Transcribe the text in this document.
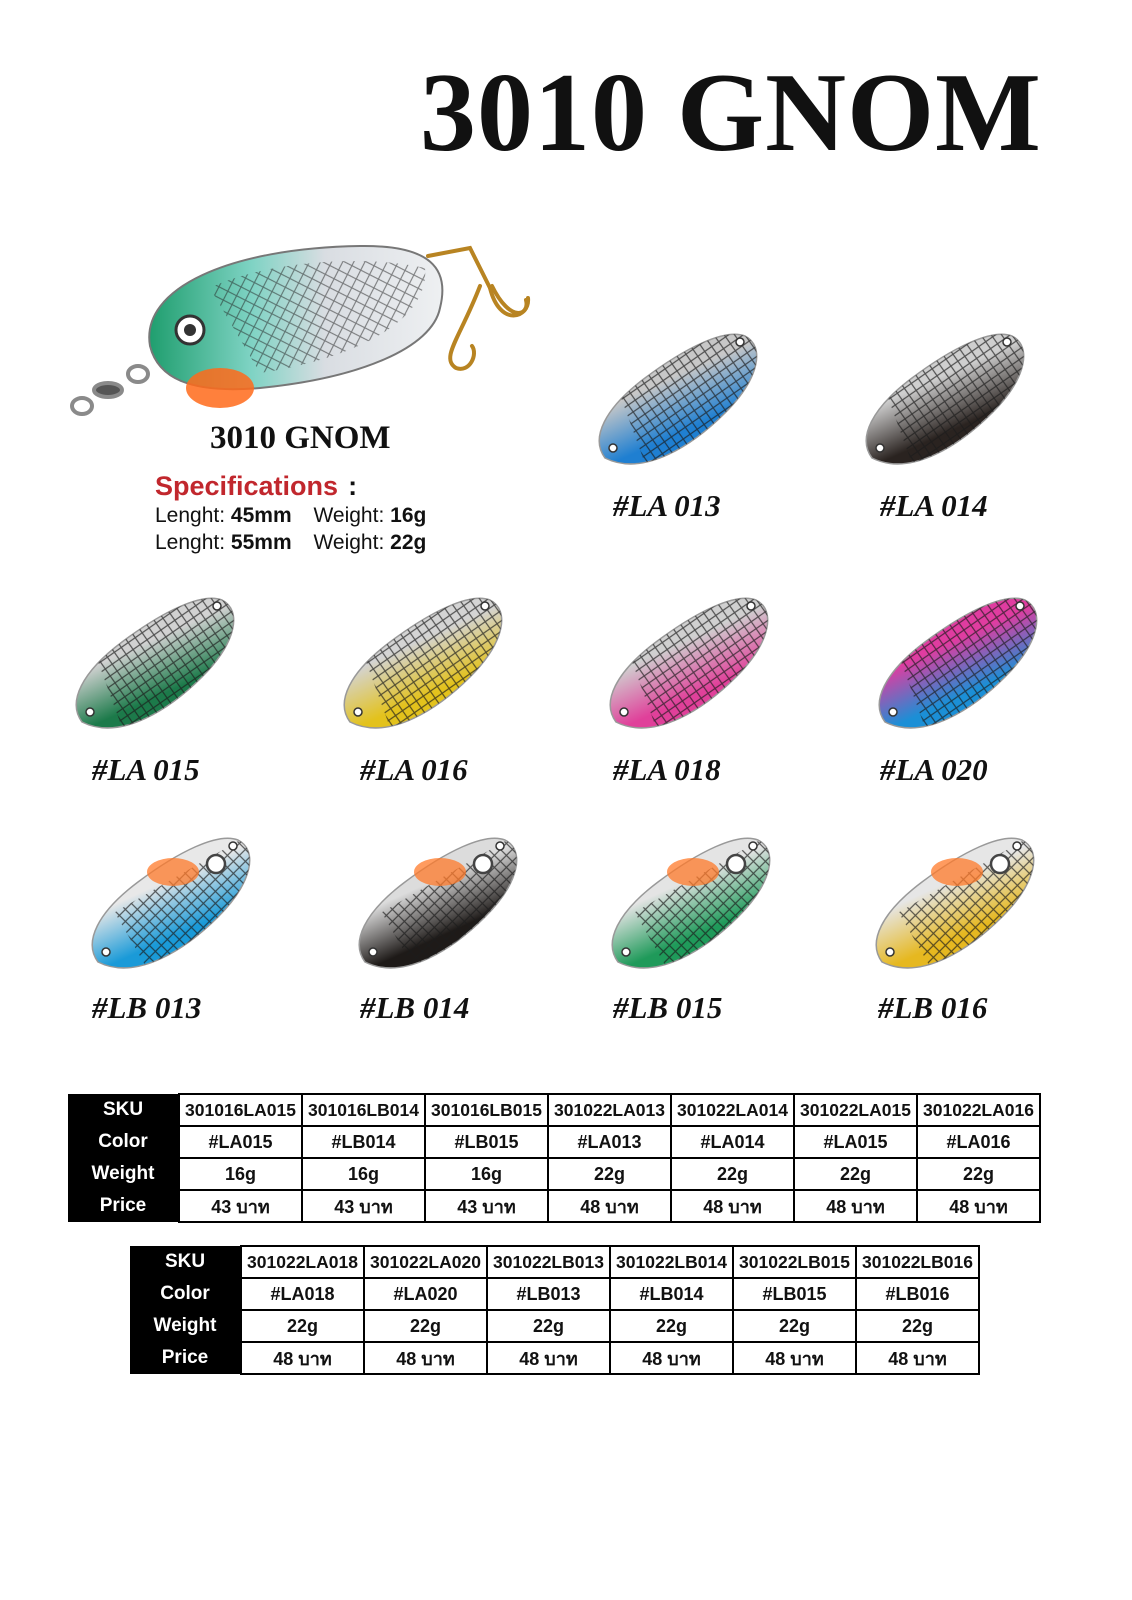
3010 GNOM
3010 GNOM
Specifications :
Lenght: 45mm Weight: 16g
Lenght: 55mm Weight: 22g
#LA 013	#LA 014
#LA 015	#LA 016	#LA 018	#LA 020
#LB 013	#LB 014	#LB 015	#LB 016
SKU	301016LA015	301016LB014	301016LB015	301022LA013	301022LA014	301022LA015	301022LA016
Color	#LA015	#LB014	#LB015	#LA013	#LA014	#LA015	#LA016
Weight	16g	16g	16g	22g	22g	22g	22g
Price	43 บาท	43 บาท	43 บาท	48 บาท	48 บาท	48 บาท	48 บาท
SKU	301022LA018	301022LA020	301022LB013	301022LB014	301022LB015	301022LB016
Color	#LA018	#LA020	#LB013	#LB014	#LB015	#LB016
Weight	22g	22g	22g	22g	22g	22g
Price	48 บาท	48 บาท	48 บาท	48 บาท	48 บาท	48 บาท
